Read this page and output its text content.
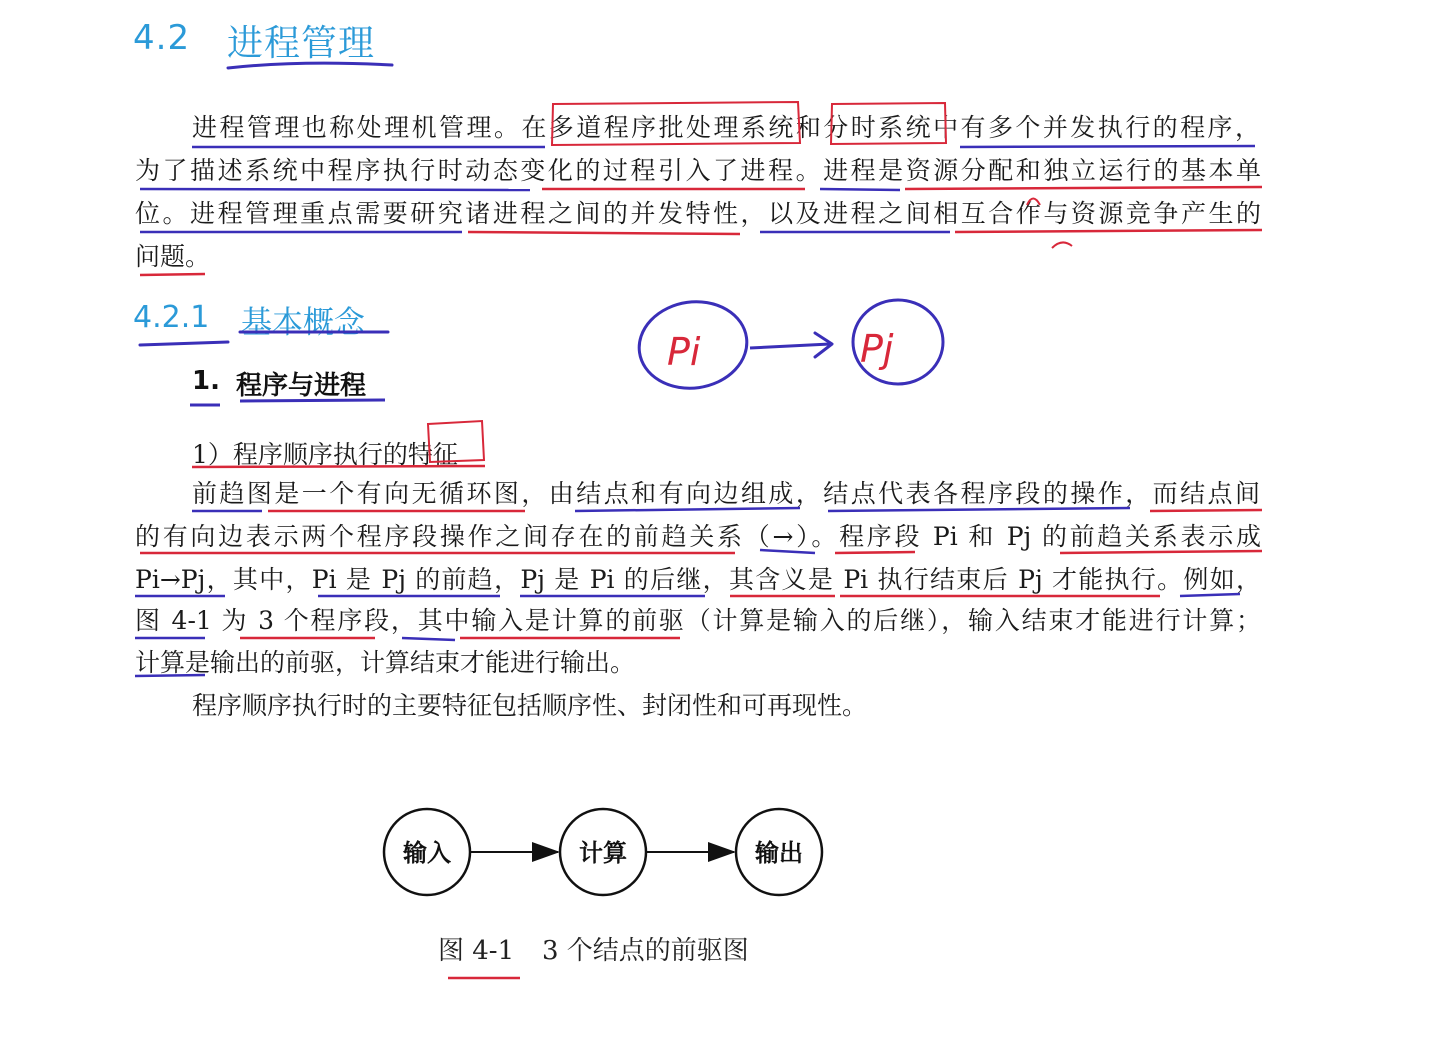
4.2 进程管理
进程管理也称处理机管理。在多道程序批处理系统和分时系统中有多个并发执行的程序，
为了描述系统中程序执行时动态变化的过程引入了进程。进程是资源分配和独立运行的基本单
位。进程管理重点需要研究诸进程之间的并发特性，以及进程之间相互合作与资源竞争产生的
问题。
4.2.1 基本概念
1. 程序与进程
1）程序顺序执行的特征
前趋图是一个有向无循环图，由结点和有向边组成，结点代表各程序段的操作，而结点间
的有向边表示两个程序段操作之间存在的前趋关系（→）。程序段 Pi 和 Pj 的前趋关系表示成
Pi→Pj，其中，Pi 是 Pj 的前趋，Pj 是 Pi 的后继，其含义是 Pi 执行结束后 Pj 才能执行。例如，
图 4-1 为 3 个程序段，其中输入是计算的前驱（计算是输入的后继），输入结束才能进行计算；
计算是输出的前驱，计算结束才能进行输出。
程序顺序执行时的主要特征包括顺序性、封闭性和可再现性。
Pi	Pj
输入	计算	输出
图 4-1 3 个结点的前驱图
